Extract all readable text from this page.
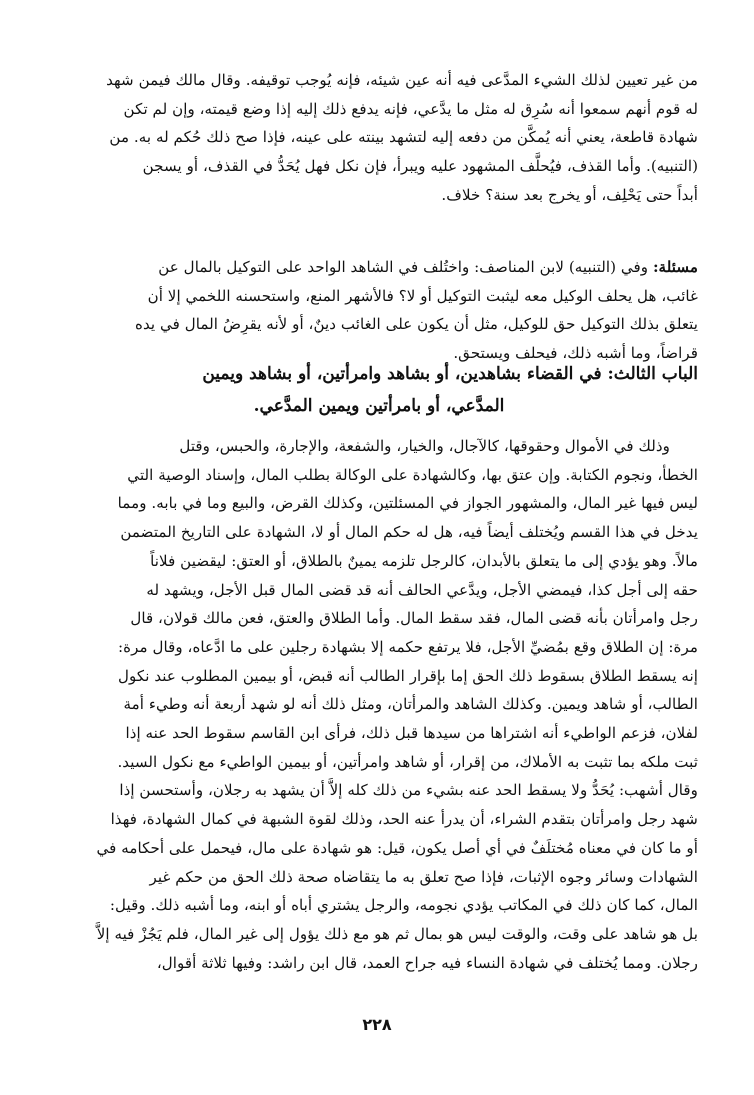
من غير تعيين لذلك الشيء المدَّعى فيه أنه عين شيئه، فإنه يُوجب توقيفه. وقال مالك فيمن شهد
له قوم أنهم سمعوا أنه سُرِق له مثل ما يدَّعي، فإنه يدفع ذلك إليه إذا وضع قيمته، وإن لم تكن
شهادة قاطعة، يعني أنه يُمكَّن من دفعه إليه لتشهد بينته على عينه، فإذا صح ذلك حُكم له به. من
(التنبيه). وأما القذف، فيُحلَّف المشهود عليه ويبرأ، فإن نكل فهل يُحَدُّ في القذف، أو يسجن
أبداً حتى يَحْلِف، أو يخرج بعد سنة؟ خلاف.
مسئلة: وفي (التنبيه) لابن المناصف: واختُلف في الشاهد الواحد على التوكيل بالمال عن
غائب، هل يحلف الوكيل معه ليثبت التوكيل أو لا؟ فالأشهر المنع، واستحسنه اللخمي إلا أن
يتعلق بذلك التوكيل حق للوكيل، مثل أن يكون على الغائب دينٌ، أو لأنه يقرِضُ المال في يده
قراضاً، وما أشبه ذلك، فيحلف ويستحق.
الباب الثالث: في القضاء بشاهدين، أو بشاهد وامرأتين، أو بشاهد ويمين
المدَّعي، أو بامرأتين ويمين المدَّعي.
وذلك في الأموال وحقوقها، كالآجال، والخيار، والشفعة، والإجارة، والحبس، وقتل
الخطأ، ونجوم الكتابة. وإن عتق بها، وكالشهادة على الوكالة بطلب المال، وإسناد الوصية التي
ليس فيها غير المال، والمشهور الجواز في المسئلتين، وكذلك القرض، والبيع وما في بابه. ومما
يدخل في هذا القسم ويُختلف أيضاً فيه، هل له حكم المال أو لا، الشهادة على التاريخ المتضمن
مالاً. وهو يؤدي إلى ما يتعلق بالأبدان، كالرجل تلزمه يمينٌ بالطلاق، أو العتق: ليقضين فلاناً
حقه إلى أجل كذا، فيمضي الأجل، ويدَّعي الحالف أنه قد قضى المال قبل الأجل، ويشهد له
رجل وامرأتان بأنه قضى المال، فقد سقط المال. وأما الطلاق والعتق، فعن مالك قولان، قال
مرة: إن الطلاق وقع بمُضيِّ الأجل، فلا يرتفع حكمه إلا بشهادة رجلين على ما ادَّعاه، وقال مرة:
إنه يسقط الطلاق بسقوط ذلك الحق إما بإقرار الطالب أنه قبض، أو بيمين المطلوب عند نكول
الطالب، أو شاهد ويمين. وكذلك الشاهد والمرأتان، ومثل ذلك أنه لو شهد أربعة أنه وطيء أمة
لفلان، فزعم الواطيء أنه اشتراها من سيدها قبل ذلك، فرأى ابن القاسم سقوط الحد عنه إذا
ثبت ملكه بما تثبت به الأملاك، من إقرار، أو شاهد وامرأتين، أو بيمين الواطيء مع نكول السيد.
وقال أشهب: يُحَدُّ ولا يسقط الحد عنه بشيء من ذلك كله إلاَّ أن يشهد به رجلان، وأستحسن إذا
شهد رجل وامرأتان بتقدم الشراء، أن يدرأ عنه الحد، وذلك لقوة الشبهة في كمال الشهادة، فهذا
أو ما كان في معناه مُختلَفٌ في أي أصل يكون، قيل: هو شهادة على مال، فيحمل على أحكامه في
الشهادات وسائر وجوه الإثبات، فإذا صح تعلق به ما يتقاضاه صحة ذلك الحق من حكم غير
المال، كما كان ذلك في المكاتب يؤدي نجومه، والرجل يشتري أباه أو ابنه، وما أشبه ذلك. وقيل:
بل هو شاهد على وقت، والوقت ليس هو بمال ثم هو مع ذلك يؤول إلى غير المال، فلم يَجُزْ فيه إلاَّ
رجلان. ومما يُختلف في شهادة النساء فيه جراح العمد، قال ابن راشد: وفيها ثلاثة أقوال،
٢٢٨
